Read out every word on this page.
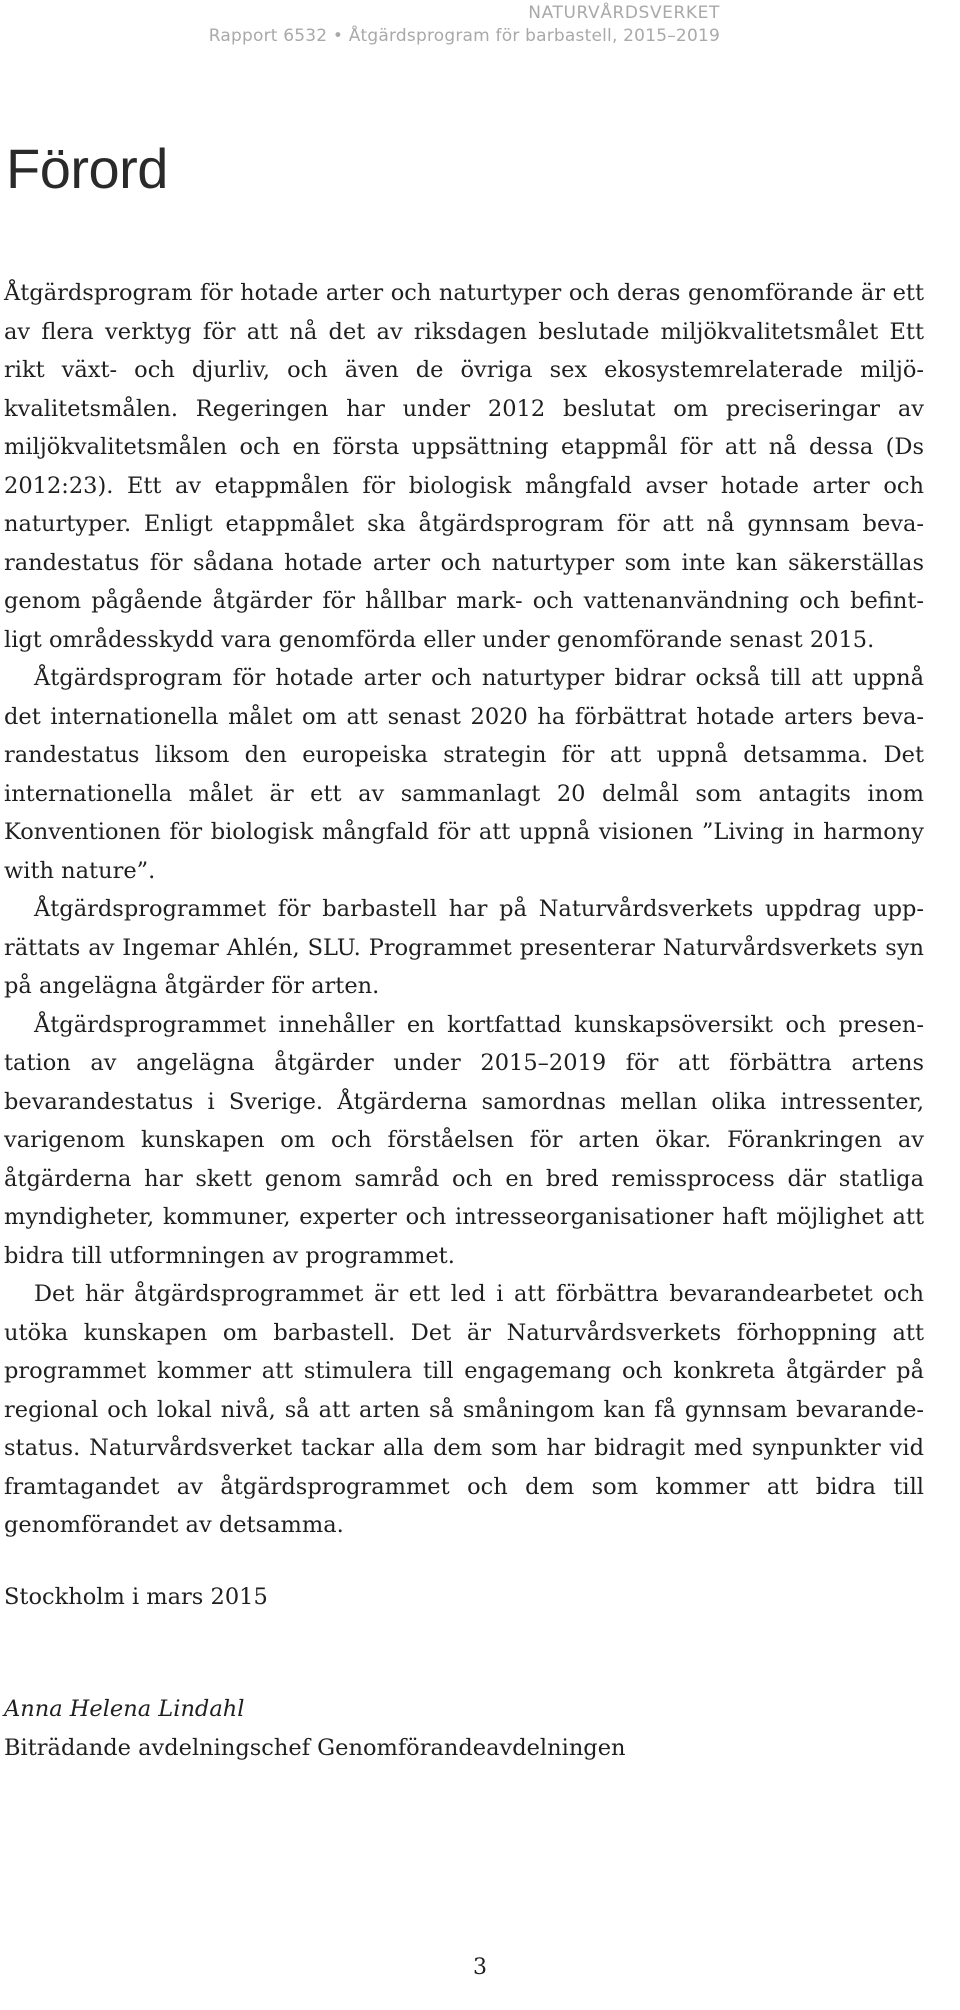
NATURVÅRDSVERKET
Rapport 6532 • Åtgärdsprogram för barbastell, 2015–2019
Förord

Åtgärdsprogram för hotade arter och naturtyper och deras genomförande är ett av flera verktyg för att nå det av riksdagen beslutade miljökvalitetsmålet Ett rikt växt- och djurliv, och även de övriga sex ekosystemrelaterade miljökvalitetsmålen. Regeringen har under 2012 beslutat om preciseringar av miljökvalitetsmålen och en första uppsättning etappmål för att nå dessa (Ds 2012:23). Ett av etappmålen för biologisk mångfald avser hotade arter och naturtyper. Enligt etappmålet ska åtgärdsprogram för att nå gynnsam bevarandestatus för sådana hotade arter och naturtyper som inte kan säkerställas genom pågående åtgärder för hållbar mark- och vattenanvändning och befintligt områdesskydd vara genomförda eller under genomförande senast 2015.

Åtgärdsprogram för hotade arter och naturtyper bidrar också till att uppnå det internationella målet om att senast 2020 ha förbättrat hotade arters bevarandestatus liksom den europeiska strategin för att uppnå detsamma. Det internationella målet är ett av sammanlagt 20 delmål som antagits inom Konventionen för biologisk mångfald för att uppnå visionen ”Living in harmony with nature”.

Åtgärdsprogrammet för barbastell har på Naturvårdsverkets uppdrag upprättats av Ingemar Ahlén, SLU. Programmet presenterar Naturvårdsverkets syn på angelägna åtgärder för arten.

Åtgärdsprogrammet innehåller en kortfattad kunskapsöversikt och presentation av angelägna åtgärder under 2015–2019 för att förbättra artens bevarandestatus i Sverige. Åtgärderna samordnas mellan olika intressenter, varigenom kunskapen om och förståelsen för arten ökar. Förankringen av åtgärderna har skett genom samråd och en bred remissprocess där statliga myndigheter, kommuner, experter och intresseorganisationer haft möjlighet att bidra till utformningen av programmet.

Det här åtgärdsprogrammet är ett led i att förbättra bevarandearbetet och utöka kunskapen om barbastell. Det är Naturvårdsverkets förhoppning att programmet kommer att stimulera till engagemang och konkreta åtgärder på regional och lokal nivå, så att arten så småningom kan få gynnsam bevarandestatus. Naturvårdsverket tackar alla dem som har bidragit med synpunkter vid framtagandet av åtgärdsprogrammet och dem som kommer att bidra till genomförandet av detsamma.

Stockholm i mars 2015
Anna Helena Lindahl
Biträdande avdelningschef Genomförandeavdelningen
3
